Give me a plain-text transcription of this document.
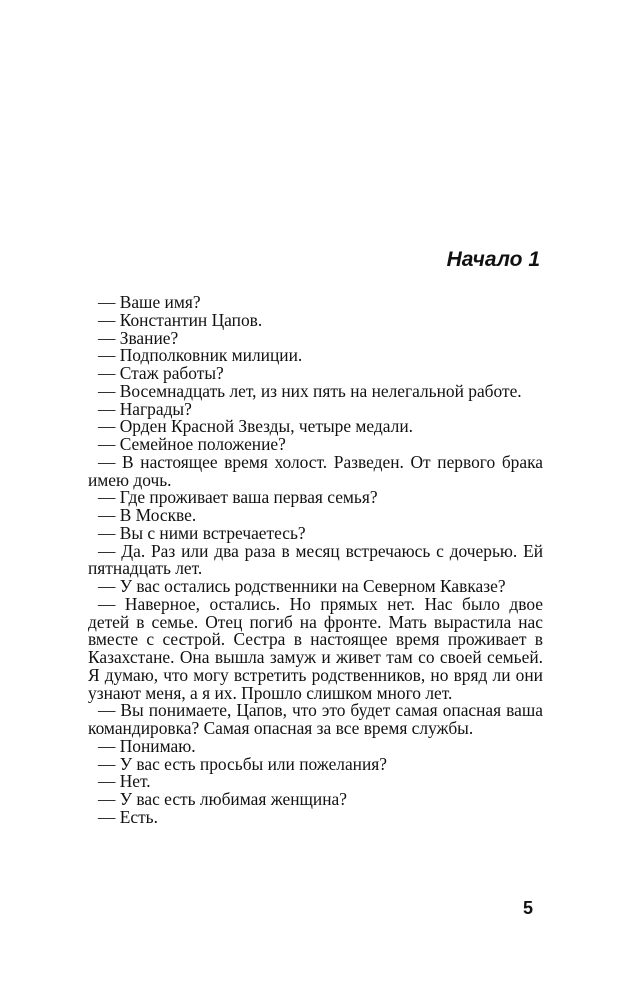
Начало 1

— Ваше имя?

— Константин Цапов.

— Звание?

— Подполковник милиции.

— Стаж работы?

— Восемнадцать лет, из них пять на нелегальной работе.

— Награды?

— Орден Красной Звезды, четыре медали.

— Семейное положение?

— В настоящее время холост. Разведен. От первого брака имею дочь.

— Где проживает ваша первая семья?

— В Москве.

— Вы с ними встречаетесь?

— Да. Раз или два раза в месяц встречаюсь с дочерью. Ей пятнадцать лет.

— У вас остались родственники на Северном Кавказе?

— Наверное, остались. Но прямых нет. Нас было двое детей в семье. Отец погиб на фронте. Мать вырастила нас вместе с сестрой. Сестра в настоящее время проживает в Казахстане. Она вышла замуж и живет там со своей семьей. Я думаю, что могу встретить родственников, но вряд ли они узнают меня, а я их. Прошло слишком много лет.

— Вы понимаете, Цапов, что это будет самая опасная ваша командировка? Самая опасная за все время службы.

— Понимаю.

— У вас есть просьбы или пожелания?

— Нет.

— У вас есть любимая женщина?

— Есть.

5
